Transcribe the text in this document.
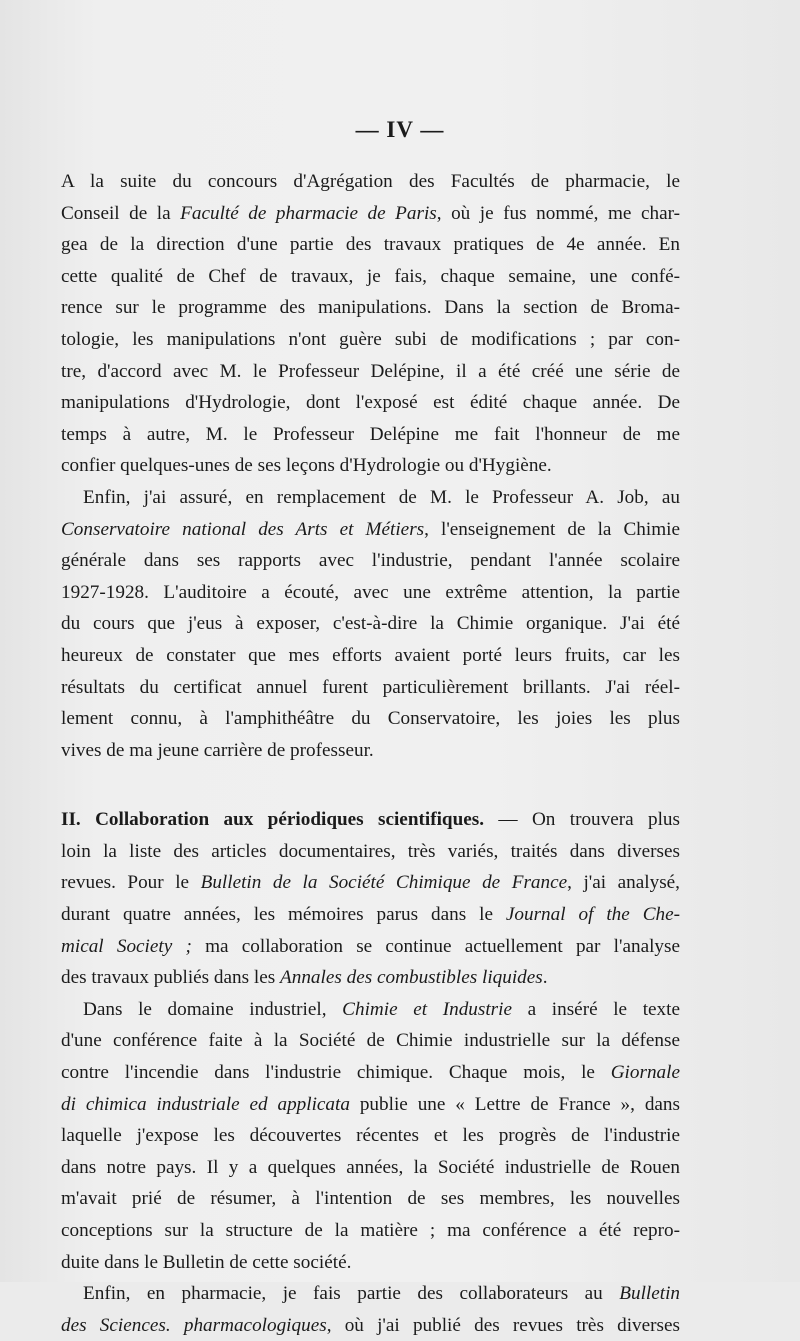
— IV —
A la suite du concours d'Agrégation des Facultés de pharmacie, le
Conseil de la Faculté de pharmacie de Paris, où je fus nommé, me char-
gea de la direction d'une partie des travaux pratiques de 4e année. En
cette qualité de Chef de travaux, je fais, chaque semaine, une confé-
rence sur le programme des manipulations. Dans la section de Broma-
tologie, les manipulations n'ont guère subi de modifications ; par con-
tre, d'accord avec M. le Professeur Delépine, il a été créé une série de
manipulations d'Hydrologie, dont l'exposé est édité chaque année. De
temps à autre, M. le Professeur Delépine me fait l'honneur de me
confier quelques-unes de ses leçons d'Hydrologie ou d'Hygiène.
Enfin, j'ai assuré, en remplacement de M. le Professeur A. Job, au
Conservatoire national des Arts et Métiers, l'enseignement de la Chimie
générale dans ses rapports avec l'industrie, pendant l'année scolaire
1927-1928. L'auditoire a écouté, avec une extrême attention, la partie
du cours que j'eus à exposer, c'est-à-dire la Chimie organique. J'ai été
heureux de constater que mes efforts avaient porté leurs fruits, car les
résultats du certificat annuel furent particulièrement brillants. J'ai réel-
lement connu, à l'amphithéâtre du Conservatoire, les joies les plus
vives de ma jeune carrière de professeur.
II. Collaboration aux périodiques scientifiques. — On trouvera plus
loin la liste des articles documentaires, très variés, traités dans diverses
revues. Pour le Bulletin de la Société Chimique de France, j'ai analysé,
durant quatre années, les mémoires parus dans le Journal of the Che-
mical Society ; ma collaboration se continue actuellement par l'analyse
des travaux publiés dans les Annales des combustibles liquides.
Dans le domaine industriel, Chimie et Industrie a inséré le texte
d'une conférence faite à la Société de Chimie industrielle sur la défense
contre l'incendie dans l'industrie chimique. Chaque mois, le Giornale
di chimica industriale ed applicata publie une « Lettre de France », dans
laquelle j'expose les découvertes récentes et les progrès de l'industrie
dans notre pays. Il y a quelques années, la Société industrielle de Rouen
m'avait prié de résumer, à l'intention de ses membres, les nouvelles
conceptions sur la structure de la matière ; ma conférence a été repro-
duite dans le Bulletin de cette société.
Enfin, en pharmacie, je fais partie des collaborateurs au Bulletin
des Sciences. pharmacologiques, où j'ai publié des revues très diverses
